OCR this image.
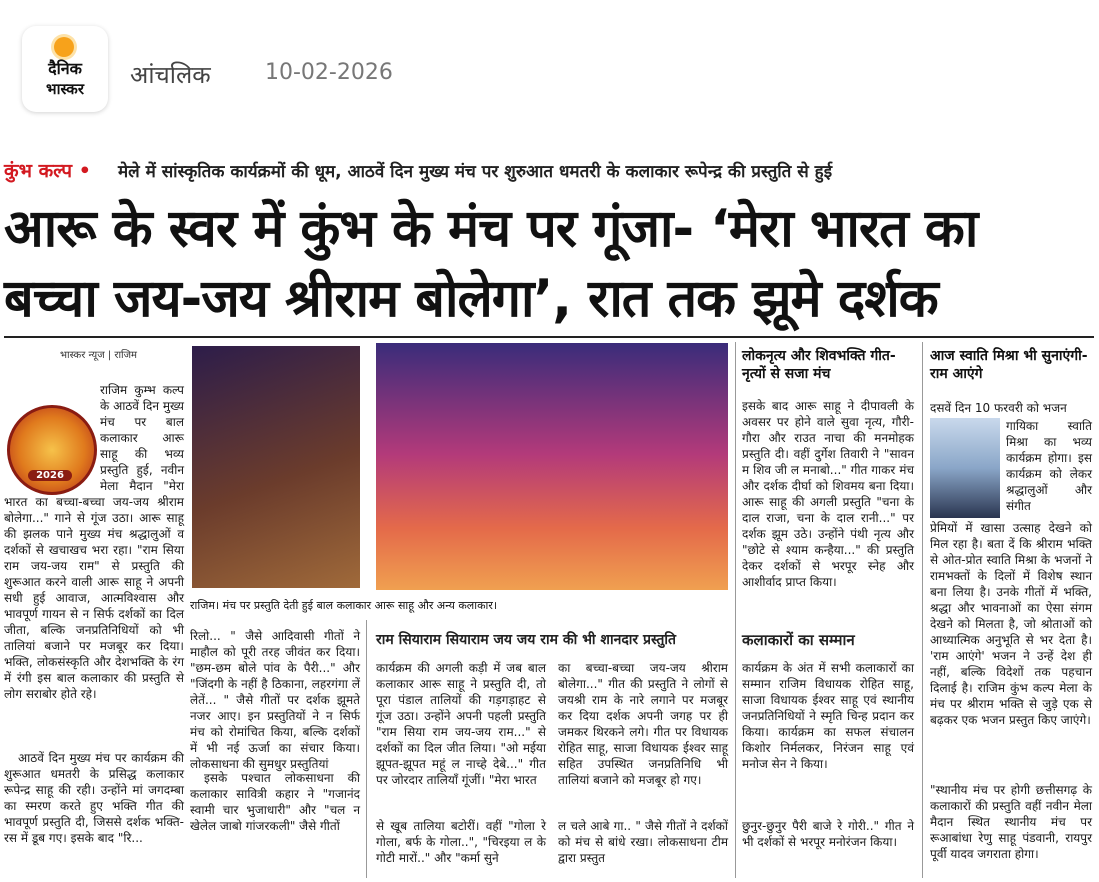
दैनिक
भास्कर	आंचलिक 10-02-2026
कुंभ कल्प • मेले में सांस्कृतिक कार्यक्रमों की धूम, आठवें दिन मुख्य मंच पर शुरुआत धमतरी के कलाकार रूपेन्द्र की प्रस्तुति से हुई
आरू के स्वर में कुंभ के मंच पर गूंजा- ‘मेरा भारत का
बच्चा जय-जय श्रीराम बोलेगा’, रात तक झूमे दर्शक
भास्कर न्यूज | राजिम
2026

राजिम कुम्भ कल्प के आठवें दिन मुख्य मंच पर बाल कलाकार आरू साहू की भव्य प्रस्तुति हुई, नवीन मेला मैदान "मेरा भारत का बच्चा-बच्चा जय-जय श्रीराम बोलेगा..." गाने से गूंज उठा। आरू साहू की झलक पाने मुख्य मंच श्रद्धालुओं व दर्शकों से खचाखच भरा रहा। "राम सिया राम जय-जय राम" से प्रस्तुति की शुरूआत करने वाली आरू साहू ने अपनी सधी हुई आवाज, आत्मविश्वास और भावपूर्ण गायन से न सिर्फ दर्शकों का दिल जीता, बल्कि जनप्रतिनिधियों को भी तालियां बजाने पर मजबूर कर दिया। भक्ति, लोकसंस्कृति और देशभक्ति के रंग में रंगी इस बाल कलाकार की प्रस्तुति से लोग सराबोर होते रहे।

आठवें दिन मुख्य मंच पर कार्यक्रम की शुरूआत धमतरी के प्रसिद्ध कलाकार रूपेन्द्र साहू की रही। उन्होंने मां जगदम्बा का स्मरण करते हुए भक्ति गीत की भावपूर्ण प्रस्तुति दी, जिससे दर्शक भक्ति-रस में डूब गए। इसके बाद "रि...

राजिम। मंच पर प्रस्तुति देती हुई बाल कलाकार आरू साहू और अन्य कलाकार।

रिलो... " जैसे आदिवासी गीतों ने माहौल को पूरी तरह जीवंत कर दिया। "छम-छम बोले पांव के पैरी..." और "जिंदगी के नहीं है ठिकाना, लहरगंगा लें लेतें... " जैसे गीतों पर दर्शक झूमते नजर आए। इन प्रस्तुतियों ने न सिर्फ मंच को रोमांचित किया, बल्कि दर्शकों में भी नई ऊर्जा का संचार किया। लोकसाधना की सुमधुर प्रस्तुतियां

इसके पश्चात लोकसाधना की कलाकार सावित्री कहार ने "गजानंद स्वामी चार भुजाधारी" और "चल न खेलेल जाबो गांजरकली" जैसे गीतों

राम सियाराम सियाराम जय जय राम की भी शानदार प्रस्तुति

कार्यक्रम की अगली कड़ी में जब बाल कलाकार आरू साहू ने प्रस्तुति दी, तो पूरा पंडाल तालियों की गड़गड़ाहट से गूंज उठा। उन्होंने अपनी पहली प्रस्तुति "राम सिया राम जय-जय राम..." से दर्शकों का दिल जीत लिया। "ओ मईया झूपत-झूपत महूं ल नाच्हे देबे..." गीत पर जोरदार तालियाँ गूंजीं। "मेरा भारत

से खूब तालिया बटोरीं। वहीं "गोला रे गोला, बर्फ के गोला..", "चिरइया ल के गोटी मारों.." और "कर्मा सुने

का बच्चा-बच्चा जय-जय श्रीराम बोलेगा..." गीत की प्रस्तुति ने लोगों से जयश्री राम के नारे लगाने पर मजबूर कर दिया दर्शक अपनी जगह पर ही जमकर थिरकने लगे। गीत पर विधायक रोहित साहू, साजा विधायक ईश्वर साहू सहित उपस्थित जनप्रतिनिधि भी तालियां बजाने को मजबूर हो गए।

ल चले आबे गा.. " जैसे गीतों ने दर्शकों को मंच से बांधे रखा। लोकसाधना टीम द्वारा प्रस्तुत

लोकनृत्य और शिवभक्ति गीत-नृत्यों से सजा मंच

इसके बाद आरू साहू ने दीपावली के अवसर पर होने वाले सुवा नृत्य, गौरी-गौरा और राउत नाचा की मनमोहक प्रस्तुति दी। वहीं दुर्गेश तिवारी ने "सावन म शिव जी ल मनाबो..." गीत गाकर मंच और दर्शक दीर्घा को शिवमय बना दिया। आरू साहू की अगली प्रस्तुति "चना के दाल राजा, चना के दाल रानी..." पर दर्शक झूम उठे। उन्होंने पंथी नृत्य और "छोटे से श्याम कन्हैया..." की प्रस्तुति देकर दर्शकों से भरपूर स्नेह और आशीर्वाद प्राप्त किया।

कलाकारों का सम्मान

कार्यक्रम के अंत में सभी कलाकारों का सम्मान राजिम विधायक रोहित साहू, साजा विधायक ईश्वर साहू एवं स्थानीय जनप्रतिनिधियों ने स्मृति चिन्ह प्रदान कर किया। कार्यक्रम का सफल संचालन किशोर निर्मलकर, निरंजन साहू एवं मनोज सेन ने किया।

छुनुर-छुनुर पैरी बाजे रे गोरी.." गीत ने भी दर्शकों से भरपूर मनोरंजन किया।

आज स्वाति मिश्रा भी सुनाएंगी- राम आएंगे
दसवें दिन 10 फरवरी को भजन

गायिका स्वाति मिश्रा का भव्य कार्यक्रम होगा। इस कार्यक्रम को लेकर श्रद्धालुओं और संगीत

प्रेमियों में खासा उत्साह देखने को मिल रहा है। बता दें कि श्रीराम भक्ति से ओत-प्रोत स्वाति मिश्रा के भजनों ने रामभक्तों के दिलों में विशेष स्थान बना लिया है। उनके गीतों में भक्ति, श्रद्धा और भावनाओं का ऐसा संगम देखने को मिलता है, जो श्रोताओं को आध्यात्मिक अनुभूति से भर देता है। 'राम आएंगे' भजन ने उन्हें देश ही नहीं, बल्कि विदेशों तक पहचान दिलाई है। राजिम कुंभ कल्प मेला के मंच पर श्रीराम भक्ति से जुड़े एक से बढ़कर एक भजन प्रस्तुत किए जाएंगे।

"स्थानीय मंच पर होगी छत्तीसगढ़ के कलाकारों की प्रस्तुति वहीं नवीन मेला मैदान स्थित स्थानीय मंच पर रूआबांधा रेणु साहू पंडवानी, रायपुर पूर्वी यादव जगराता होगा।
